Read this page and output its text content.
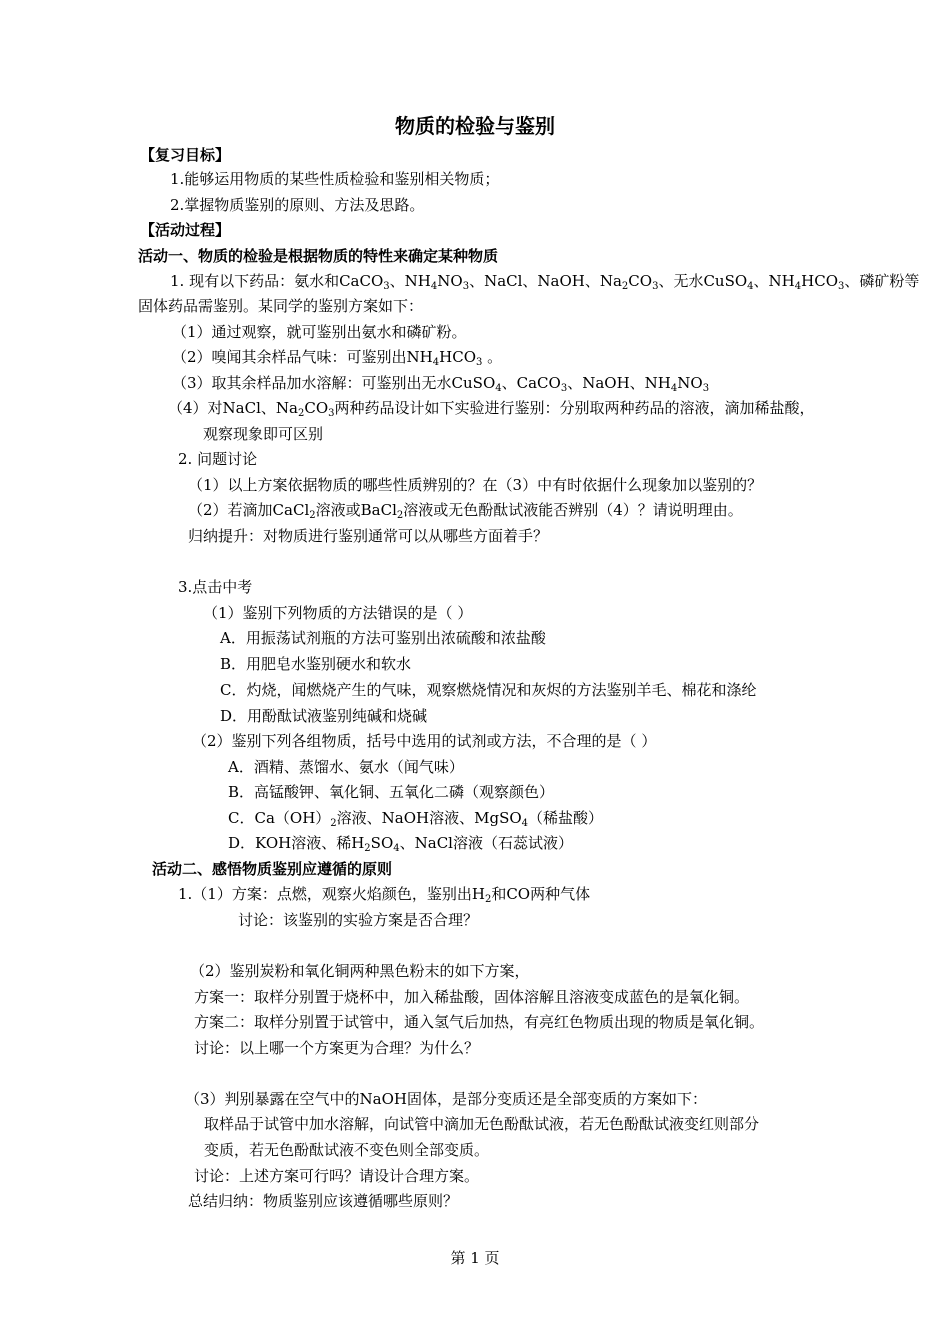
物质的检验与鉴别
【复习目标】
1.能够运用物质的某些性质检验和鉴别相关物质；
2.掌握物质鉴别的原则、方法及思路。
【活动过程】
活动一、物质的检验是根据物质的特性来确定某种物质
1. 现有以下药品：氨水和CaCO$_3$、$NH_4NO_3$、NaCl、NaOH、$Na_2CO_3$、无水CuSO$_4$、$NH_4HCO_3$、磷矿粉等
固体药品需鉴别。某同学的鉴别方案如下：
（1）通过观察，就可鉴别出氨水和磷矿粉。
（2）嗅闻其余样品气味：可鉴别出$NH_4HCO_3$ 。
（3）取其余样品加水溶解：可鉴别出无水CuSO$_4$、CaCO$_3$、NaOH、$NH_4NO_3$
（4）对NaCl、$Na_2CO_3$两种药品设计如下实验进行鉴别：分别取两种药品的溶液，滴加稀盐酸，
观察现象即可区别
2. 问题讨论
（1）以上方案依据物质的哪些性质辨别的？在（3）中有时依据什么现象加以鉴别的？
（2）若滴加CaCl$_2$溶液或BaCl$_2$溶液或无色酚酞试液能否辨别（4）？请说明理由。
归纳提升：对物质进行鉴别通常可以从哪些方面着手？
3.点击中考
（1）鉴别下列物质的方法错误的是（ ）
A．用振荡试剂瓶的方法可鉴别出浓硫酸和浓盐酸
B．用肥皂水鉴别硬水和软水
C．灼烧，闻燃烧产生的气味，观察燃烧情况和灰烬的方法鉴别羊毛、棉花和涤纶
D．用酚酞试液鉴别纯碱和烧碱
（2）鉴别下列各组物质，括号中选用的试剂或方法，不合理的是（ ）
A．酒精、蒸馏水、氨水（闻气味）
B．高锰酸钾、氧化铜、五氧化二磷（观察颜色）
C．$Ca(OH)_2$溶液、NaOH溶液、MgSO$_4$（稀盐酸）
D．KOH溶液、稀$H_2SO_4$、NaCl溶液（石蕊试液）
活动二、感悟物质鉴别应遵循的原则
1.（1）方案：点燃，观察火焰颜色，鉴别出$H_2$和CO两种气体
讨论：该鉴别的实验方案是否合理？
（2）鉴别炭粉和氧化铜两种黑色粉末的如下方案，
方案一：取样分别置于烧杯中，加入稀盐酸，固体溶解且溶液变成蓝色的是氧化铜。
方案二：取样分别置于试管中，通入氢气后加热，有亮红色物质出现的物质是氧化铜。
讨论：以上哪一个方案更为合理？为什么？
（3）判别暴露在空气中的NaOH固体，是部分变质还是全部变质的方案如下：
取样品于试管中加水溶解，向试管中滴加无色酚酞试液，若无色酚酞试液变红则部分
变质，若无色酚酞试液不变色则全部变质。
讨论：上述方案可行吗？请设计合理方案。
总结归纳：物质鉴别应该遵循哪些原则？
第 1 页
